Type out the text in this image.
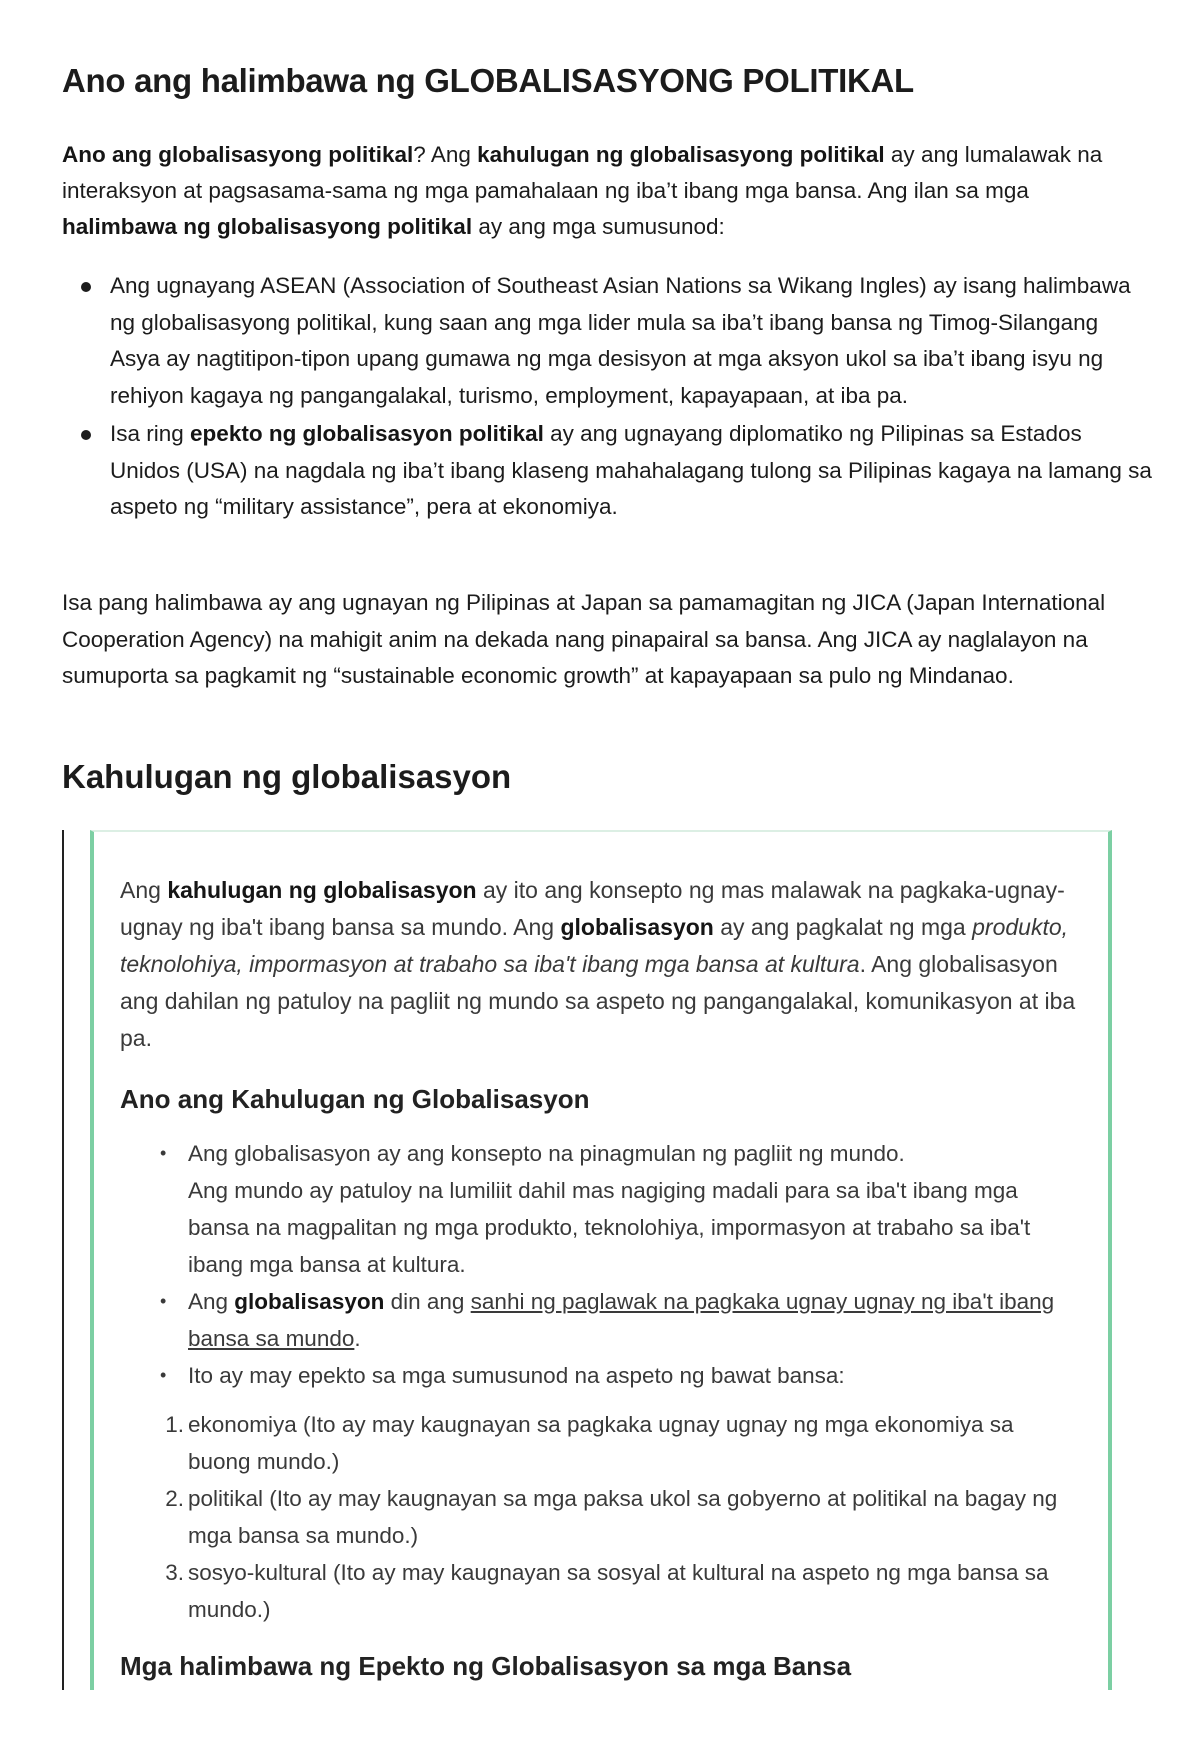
Ano ang halimbawa ng GLOBALISASYONG POLITIKAL

Ano ang globalisasyong politikal? Ang kahulugan ng globalisasyong politikal ay ang lumalawak na interaksyon at pagsasama-sama ng mga pamahalaan ng iba’t ibang mga bansa. Ang ilan sa mga halimbawa ng globalisasyong politikal ay ang mga sumusunod:

Ang ugnayang ASEAN (Association of Southeast Asian Nations sa Wikang Ingles) ay isang halimbawa ng globalisasyong politikal, kung saan ang mga lider mula sa iba’t ibang bansa ng Timog-Silangang Asya ay nagtitipon-tipon upang gumawa ng mga desisyon at mga aksyon ukol sa iba’t ibang isyu ng rehiyon kagaya ng pangangalakal, turismo, employment, kapayapaan, at iba pa.
Isa ring epekto ng globalisasyon politikal ay ang ugnayang diplomatiko ng Pilipinas sa Estados Unidos (USA) na nagdala ng iba’t ibang klaseng mahahalagang tulong sa Pilipinas kagaya na lamang sa aspeto ng “military assistance”, pera at ekonomiya.

Isa pang halimbawa ay ang ugnayan ng Pilipinas at Japan sa pamamagitan ng JICA (Japan International Cooperation Agency) na mahigit anim na dekada nang pinapairal sa bansa. Ang JICA ay naglalayon na sumuporta sa pagkamit ng “sustainable economic growth” at kapayapaan sa pulo ng Mindanao.

Kahulugan ng globalisasyon

Ang kahulugan ng globalisasyon ay ito ang konsepto ng mas malawak na pagkaka-ugnay-ugnay ng iba't ibang bansa sa mundo. Ang globalisasyon ay ang pagkalat ng mga produkto, teknolohiya, impormasyon at trabaho sa iba't ibang mga bansa at kultura. Ang globalisasyon ang dahilan ng patuloy na pagliit ng mundo sa aspeto ng pangangalakal, komunikasyon at iba pa.

Ano ang Kahulugan ng Globalisasyon
• Ang globalisasyon ay ang konsepto na pinagmulan ng pagliit ng mundo.
Ang mundo ay patuloy na lumiliit dahil mas nagiging madali para sa iba't ibang mga bansa na magpalitan ng mga produkto, teknolohiya, impormasyon at trabaho sa iba't ibang mga bansa at kultura.
• Ang globalisasyon din ang sanhi ng paglawak na pagkaka ugnay ugnay ng iba't ibang bansa sa mundo.
• Ito ay may epekto sa mga sumusunod na aspeto ng bawat bansa:
1. ekonomiya (Ito ay may kaugnayan sa pagkaka ugnay ugnay ng mga ekonomiya sa buong mundo.)
2. politikal (Ito ay may kaugnayan sa mga paksa ukol sa gobyerno at politikal na bagay ng mga bansa sa mundo.)
3. sosyo-kultural (Ito ay may kaugnayan sa sosyal at kultural na aspeto ng mga bansa sa mundo.)
Mga halimbawa ng Epekto ng Globalisasyon sa mga Bansa
